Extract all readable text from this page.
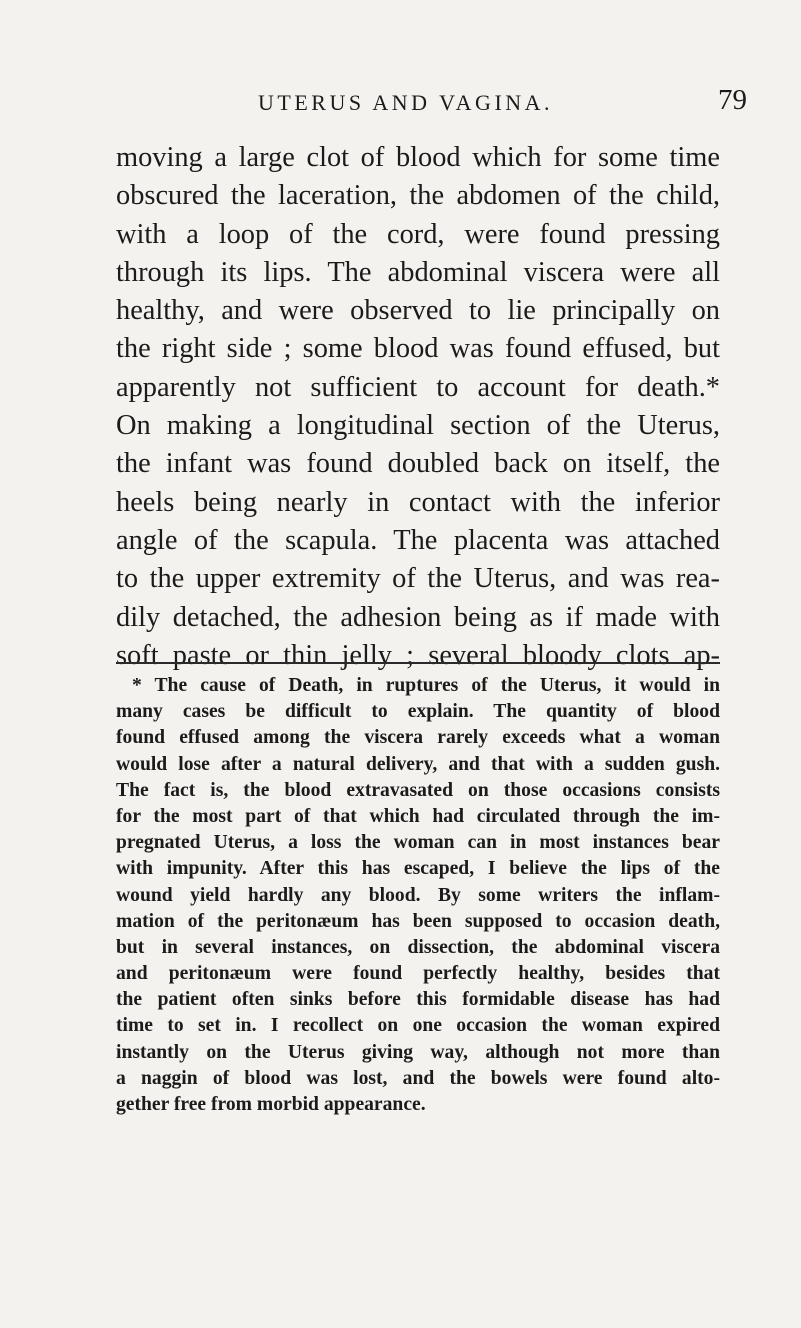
UTERUS AND VAGINA.	79
moving a large clot of blood which for some time
obscured the laceration, the abdomen of the child,
with a loop of the cord, were found pressing
through its lips. The abdominal viscera were all
healthy, and were observed to lie principally on
the right side ; some blood was found effused, but
apparently not sufficient to account for death.*
On making a longitudinal section of the Uterus,
the infant was found doubled back on itself, the
heels being nearly in contact with the inferior
angle of the scapula. The placenta was attached
to the upper extremity of the Uterus, and was rea-
dily detached, the adhesion being as if made with
soft paste or thin jelly ; several bloody clots ap-
* The cause of Death, in ruptures of the Uterus, it would in
many cases be difficult to explain. The quantity of blood
found effused among the viscera rarely exceeds what a woman
would lose after a natural delivery, and that with a sudden gush.
The fact is, the blood extravasated on those occasions consists
for the most part of that which had circulated through the im-
pregnated Uterus, a loss the woman can in most instances bear
with impunity. After this has escaped, I believe the lips of the
wound yield hardly any blood. By some writers the inflam-
mation of the peritonæum has been supposed to occasion death,
but in several instances, on dissection, the abdominal viscera
and peritonæum were found perfectly healthy, besides that
the patient often sinks before this formidable disease has had
time to set in. I recollect on one occasion the woman expired
instantly on the Uterus giving way, although not more than
a naggin of blood was lost, and the bowels were found alto-
gether free from morbid appearance.
